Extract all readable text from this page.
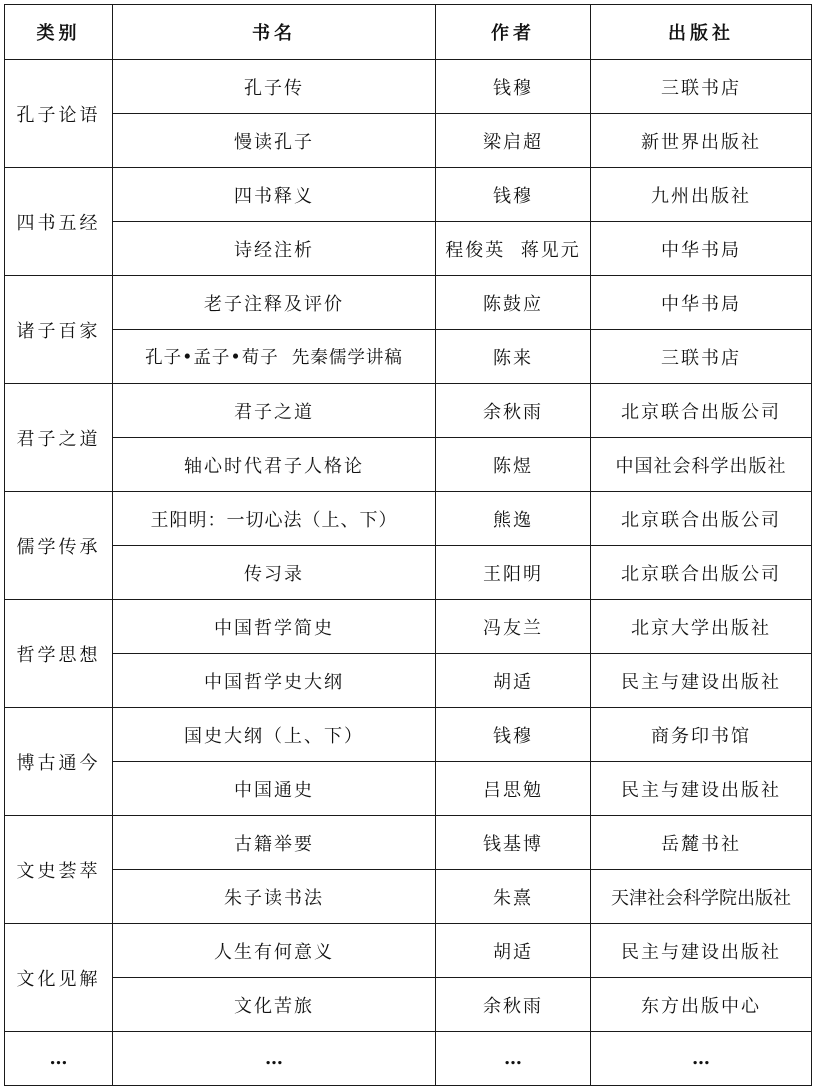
类别	书名	作者	出版社
孔子论语	孔子传	钱穆	三联书店
	慢读孔子	梁启超	新世界出版社
四书五经	四书释义	钱穆	九州出版社
	诗经注析	程俊英  蒋见元	中华书局
诸子百家	老子注释及评价	陈鼓应	中华书局
	孔子•孟子•荀子  先秦儒学讲稿	陈来	三联书店
君子之道	君子之道	余秋雨	北京联合出版公司
	轴心时代君子人格论	陈煜	中国社会科学出版社
儒学传承	王阳明：一切心法（上、下）	熊逸	北京联合出版公司
	传习录	王阳明	北京联合出版公司
哲学思想	中国哲学简史	冯友兰	北京大学出版社
	中国哲学史大纲	胡适	民主与建设出版社
博古通今	国史大纲（上、下）	钱穆	商务印书馆
	中国通史	吕思勉	民主与建设出版社
文史荟萃	古籍举要	钱基博	岳麓书社
	朱子读书法	朱熹	天津社会科学院出版社
文化见解	人生有何意义	胡适	民主与建设出版社
	文化苦旅	余秋雨	东方出版中心
…	…	…	…
